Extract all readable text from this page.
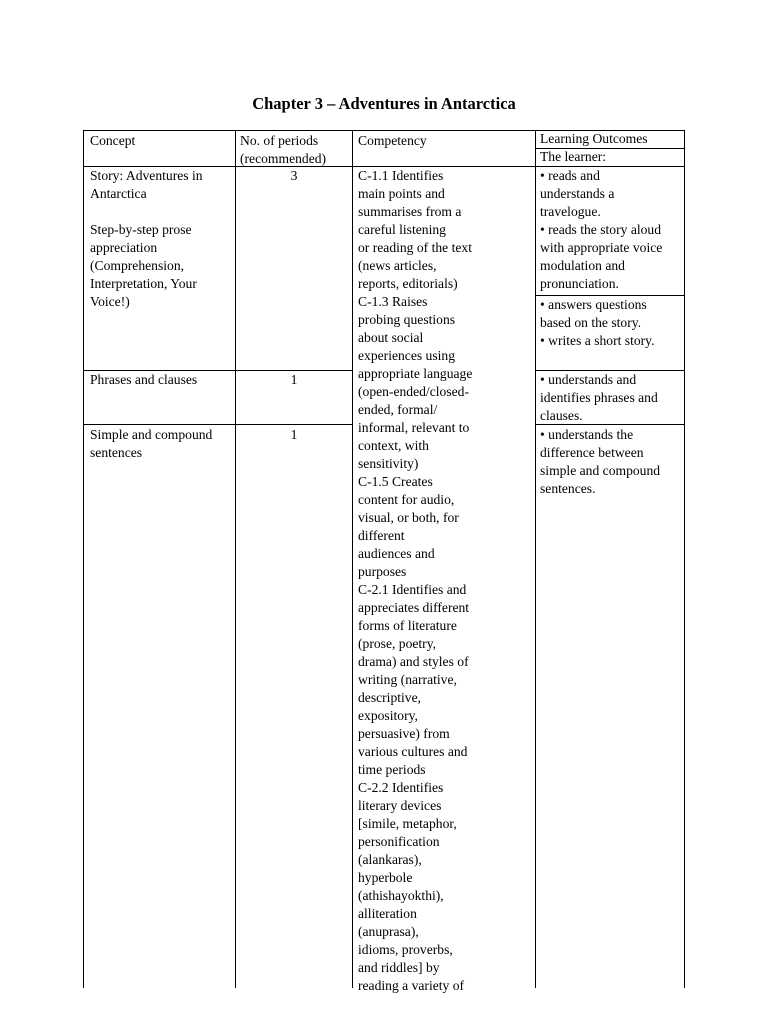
Chapter 3 – Adventures in Antarctica
Concept	No. of periods
(recommended)
Competency	Learning Outcomes
The learner:
Story: Adventures in
Antarctica

Step-by-step prose
appreciation
(Comprehension,
Interpretation, Your
Voice!)
Phrases and clauses
Simple and compound
sentences
3
1
1
C-1.1 Identifies
main points and
summarises from a
careful listening
or reading of the text
(news articles,
reports, editorials)
C-1.3 Raises
probing questions
about social
experiences using
appropriate language
(open-ended/closed-
ended, formal/
informal, relevant to
context, with
sensitivity)
C-1.5 Creates
content for audio,
visual, or both, for
different
audiences and
purposes
C-2.1 Identifies and
appreciates different
forms of literature
(prose, poetry,
drama) and styles of
writing (narrative,
descriptive,
expository,
persuasive) from
various cultures and
time periods
C-2.2 Identifies
literary devices
[simile, metaphor,
personification
(alankaras),
hyperbole
(athishayokthi),
alliteration
(anuprasa),
idioms, proverbs,
and riddles] by
reading a variety of
• reads and
understands a
travelogue.
• reads the story aloud
with appropriate voice
modulation and
pronunciation.
• answers questions
based on the story.
• writes a short story.
• understands and
identifies phrases and
clauses.
• understands the
difference between
simple and compound
sentences.
